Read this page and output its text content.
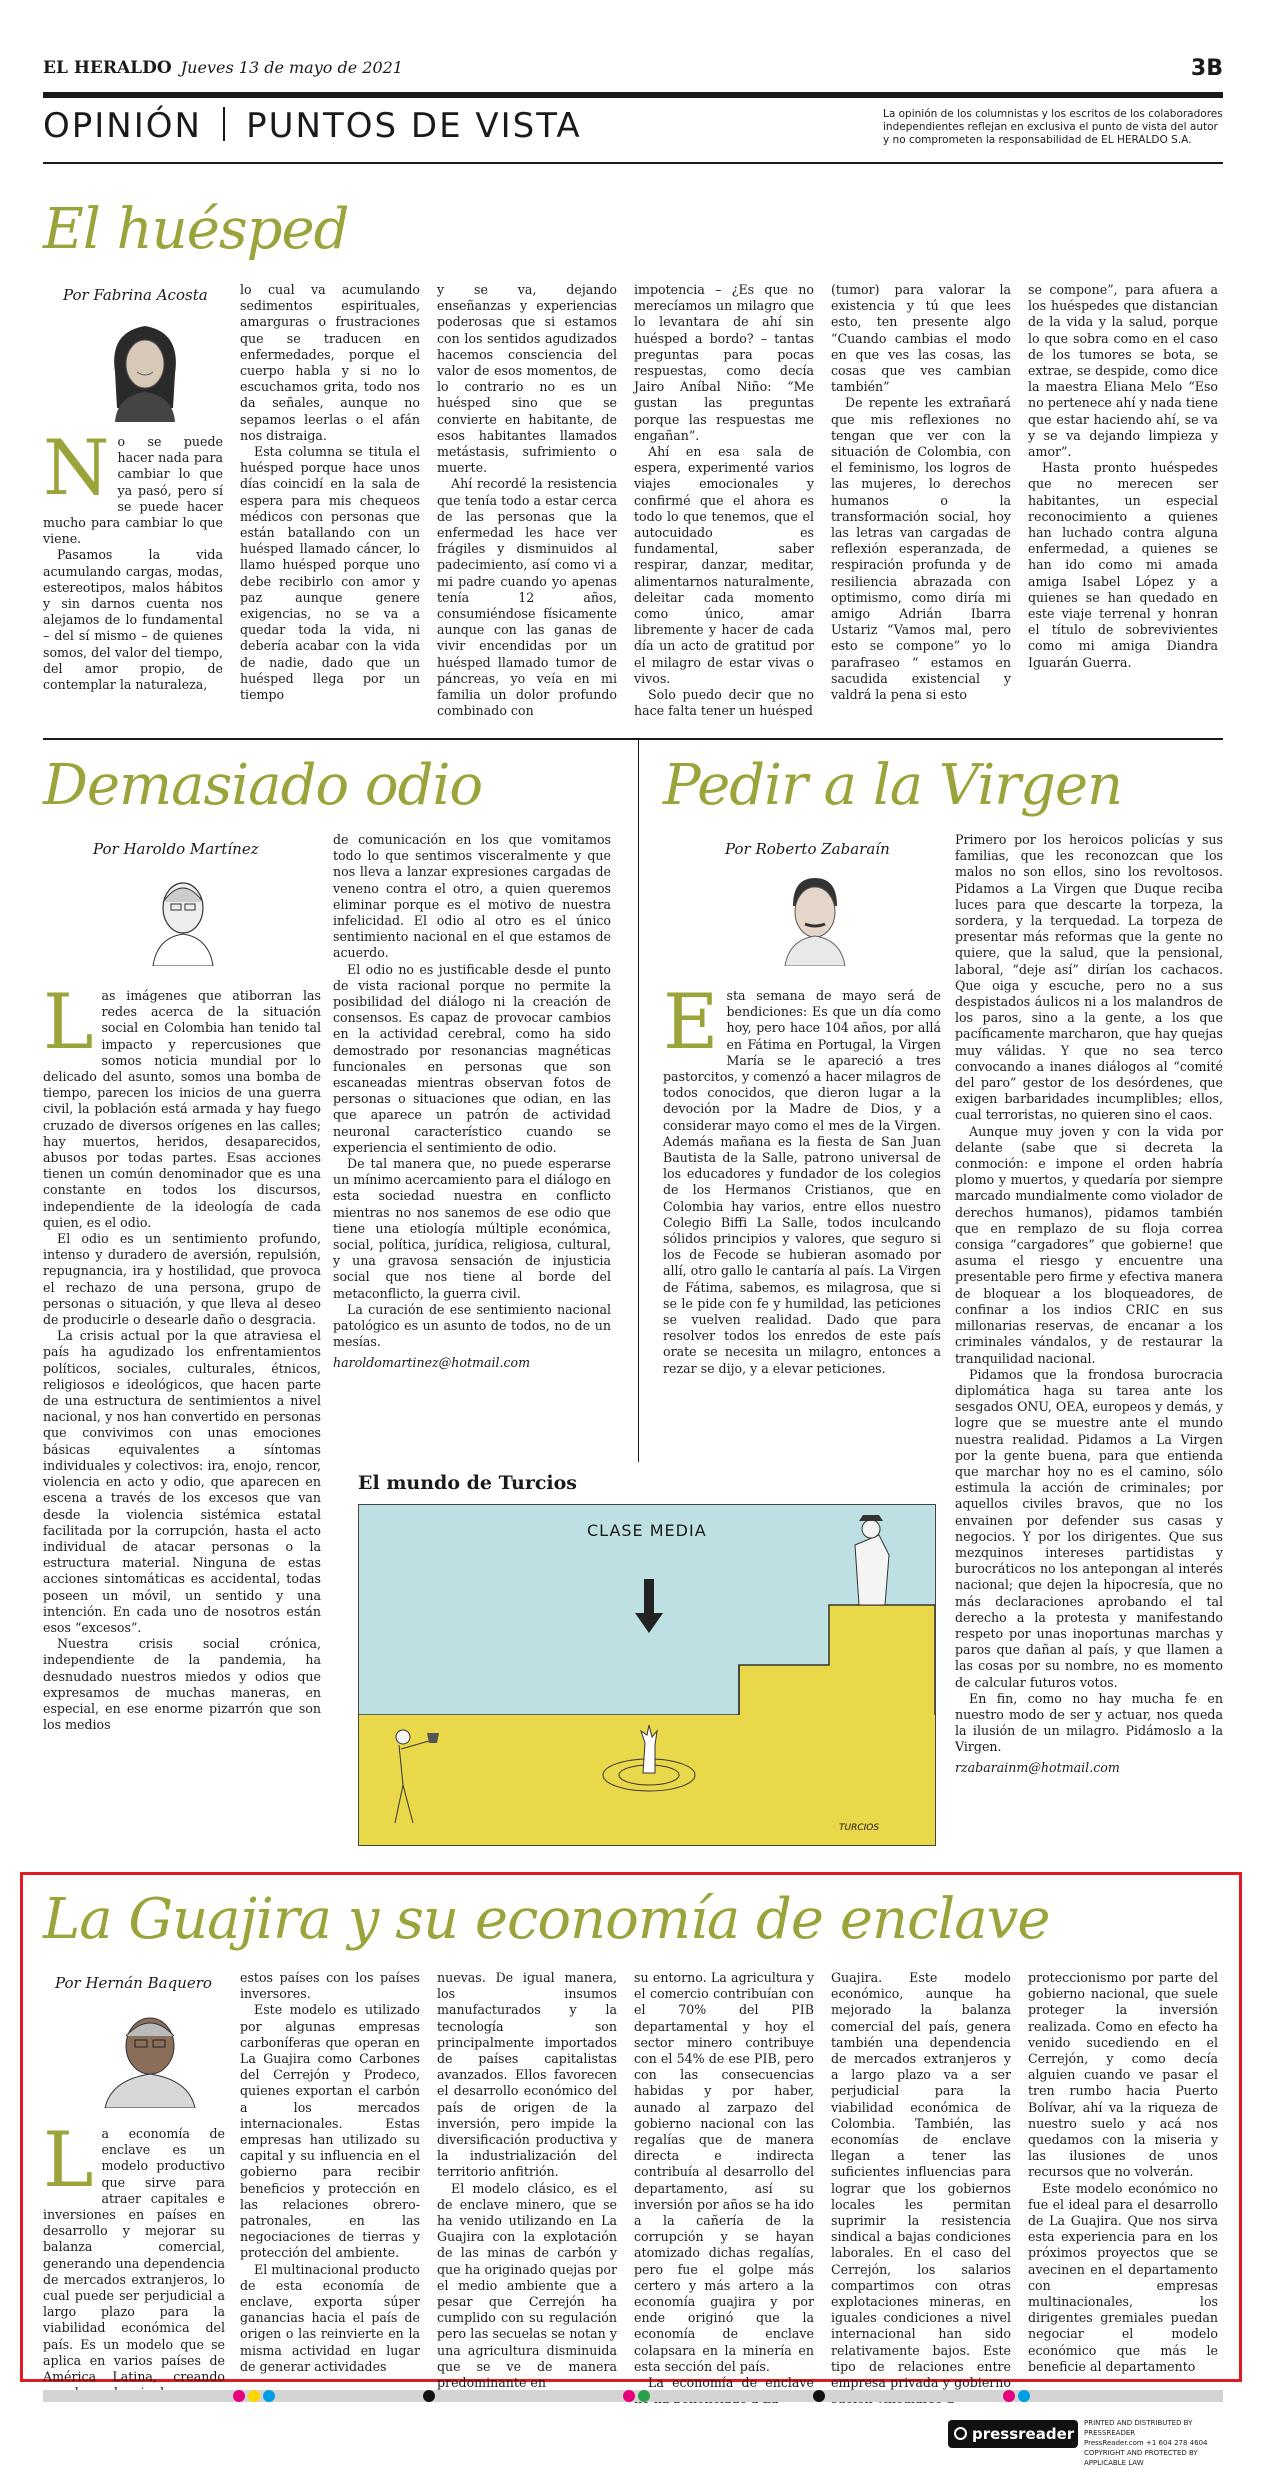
EL HERALDO Jueves 13 de mayo de 2021	3B
OPINIÓN PUNTOS DE VISTA	La opinión de los columnistas y los escritos de los colaboradores independientes reflejan en exclusiva el punto de vista del autor y no comprometen la responsabilidad de EL HERALDO S.A.
El huésped
Por Fabrina Acosta
N o se puede hacer nada para cambiar lo que ya pasó, pero sí se puede hacer mucho para cambiar lo que viene.

Pasamos la vida acumulando cargas, modas, estereotipos, malos hábitos y sin darnos cuenta nos alejamos de lo fundamental – del sí mismo – de quienes somos, del valor del tiempo, del amor propio, de contemplar la naturaleza,

lo cual va acumulando sedimentos espirituales, amarguras o frustraciones que se traducen en enfermedades, porque el cuerpo habla y si no lo escuchamos grita, todo nos da señales, aunque no sepamos leerlas o el afán nos distraiga.

Esta columna se titula el huésped porque hace unos días coincidí en la sala de espera para mis chequeos médicos con personas que están batallando con un huésped llamado cáncer, lo llamo huésped porque uno debe recibirlo con amor y paz aunque genere exigencias, no se va a quedar toda la vida, ni debería acabar con la vida de nadie, dado que un huésped llega por un tiempo

y se va, dejando enseñanzas y experiencias poderosas que si estamos con los sentidos agudizados hacemos consciencia del valor de esos momentos, de lo contrario no es un huésped sino que se convierte en habitante, de esos habitantes llamados metástasis, sufrimiento o muerte.

Ahí recordé la resistencia que tenía todo a estar cerca de las personas que la enfermedad les hace ver frágiles y disminuidos al padecimiento, así como vi a mi padre cuando yo apenas tenía 12 años, consumiéndose físicamente aunque con las ganas de vivir encendidas por un huésped llamado tumor de páncreas, yo veía en mi familia un dolor profundo combinado con

impotencia – ¿Es que no merecíamos un milagro que lo levantara de ahí sin huésped a bordo? – tantas preguntas para pocas respuestas, como decía Jairo Aníbal Niño: “Me gustan las preguntas porque las respuestas me engañan”.

Ahí en esa sala de espera, experimenté varios viajes emocionales y confirmé que el ahora es todo lo que tenemos, que el autocuidado es fundamental, saber respirar, danzar, meditar, alimentarnos naturalmente, deleitar cada momento como único, amar libremente y hacer de cada día un acto de gratitud por el milagro de estar vivas o vivos.

Solo puedo decir que no hace falta tener un huésped

(tumor) para valorar la existencia y tú que lees esto, ten presente algo “Cuando cambias el modo en que ves las cosas, las cosas que ves cambian también”

De repente les extrañará que mis reflexiones no tengan que ver con la situación de Colombia, con el feminismo, los logros de las mujeres, lo derechos humanos o la transformación social, hoy las letras van cargadas de reflexión esperanzada, de respiración profunda y de resiliencia abrazada con optimismo, como diría mi amigo Adrián Ibarra Ustariz “Vamos mal, pero esto se compone” yo lo parafraseo “ estamos en sacudida existencial y valdrá la pena si esto

se compone”, para afuera a los huéspedes que distancian de la vida y la salud, porque lo que sobra como en el caso de los tumores se bota, se extrae, se despide, como dice la maestra Eliana Melo “Eso no pertenece ahí y nada tiene que estar haciendo ahí, se va y se va dejando limpieza y amor”.

Hasta pronto huéspedes que no merecen ser habitantes, un especial reconocimiento a quienes han luchado contra alguna enfermedad, a quienes se han ido como mi amada amiga Isabel López y a quienes se han quedado en este viaje terrenal y honran el título de sobrevivientes como mi amiga Diandra Iguarán Guerra.

Demasiado odio
Por Haroldo Martínez
L as imágenes que atiborran las redes acerca de la situación social en Colombia han tenido tal impacto y repercusiones que somos noticia mundial por lo delicado del asunto, somos una bomba de tiempo, parecen los inicios de una guerra civil, la población está armada y hay fuego cruzado de diversos orígenes en las calles; hay muertos, heridos, desaparecidos, abusos por todas partes. Esas acciones tienen un común denominador que es una constante en todos los discursos, independiente de la ideología de cada quien, es el odio.

El odio es un sentimiento profundo, intenso y duradero de aversión, repulsión, repugnancia, ira y hostilidad, que provoca el rechazo de una persona, grupo de personas o situación, y que lleva al deseo de producirle o desearle daño o desgracia.

La crisis actual por la que atraviesa el país ha agudizado los enfrentamientos políticos, sociales, culturales, étnicos, religiosos e ideológicos, que hacen parte de una estructura de sentimientos a nivel nacional, y nos han convertido en personas que convivimos con unas emociones básicas equivalentes a síntomas individuales y colectivos: ira, enojo, rencor, violencia en acto y odio, que aparecen en escena a través de los excesos que van desde la violencia sistémica estatal facilitada por la corrupción, hasta el acto individual de atacar personas o la estructura material. Ninguna de estas acciones sintomáticas es accidental, todas poseen un móvil, un sentido y una intención. En cada uno de nosotros están esos “excesos”.

Nuestra crisis social crónica, independiente de la pandemia, ha desnudado nuestros miedos y odios que expresamos de muchas maneras, en especial, en ese enorme pizarrón que son los medios

de comunicación en los que vomitamos todo lo que sentimos visceralmente y que nos lleva a lanzar expresiones cargadas de veneno contra el otro, a quien queremos eliminar porque es el motivo de nuestra infelicidad. El odio al otro es el único sentimiento nacional en el que estamos de acuerdo.

El odio no es justificable desde el punto de vista racional porque no permite la posibilidad del diálogo ni la creación de consensos. Es capaz de provocar cambios en la actividad cerebral, como ha sido demostrado por resonancias magnéticas funcionales en personas que son escaneadas mientras observan fotos de personas o situaciones que odian, en las que aparece un patrón de actividad neuronal característico cuando se experiencia el sentimiento de odio.

De tal manera que, no puede esperarse un mínimo acercamiento para el diálogo en esta sociedad nuestra en conflicto mientras no nos sanemos de ese odio que tiene una etiología múltiple económica, social, política, jurídica, religiosa, cultural, y una gravosa sensación de injusticia social que nos tiene al borde del metaconflicto, la guerra civil.

La curación de ese sentimiento nacional patológico es un asunto de todos, no de un mesías.

haroldomartinez@hotmail.com
Pedir a la Virgen
Por Roberto Zabaraín
E sta semana de mayo será de bendiciones: Es que un día como hoy, pero hace 104 años, por allá en Fátima en Portugal, la Virgen María se le apareció a tres pastorcitos, y comenzó a hacer milagros de todos conocidos, que dieron lugar a la devoción por la Madre de Dios, y a considerar mayo como el mes de la Virgen. Además mañana es la fiesta de San Juan Bautista de la Salle, patrono universal de los educadores y fundador de los colegios de los Hermanos Cristianos, que en Colombia hay varios, entre ellos nuestro Colegio Biffi La Salle, todos inculcando sólidos principios y valores, que seguro si los de Fecode se hubieran asomado por allí, otro gallo le cantaría al país. La Virgen de Fátima, sabemos, es milagrosa, que si se le pide con fe y humildad, las peticiones se vuelven realidad. Dado que para resolver todos los enredos de este país orate se necesita un milagro, entonces a rezar se dijo, y a elevar peticiones.

Primero por los heroicos policías y sus familias, que les reconozcan que los malos no son ellos, sino los revoltosos. Pidamos a La Virgen que Duque reciba luces para que descarte la torpeza, la sordera, y la terquedad. La torpeza de presentar más reformas que la gente no quiere, que la salud, que la pensional, laboral, “deje así” dirían los cachacos. Que oiga y escuche, pero no a sus despistados áulicos ni a los malandros de los paros, sino a la gente, a los que pacíficamente marcharon, que hay quejas muy válidas. Y que no sea terco convocando a inanes diálogos al “comité del paro” gestor de los desórdenes, que exigen barbaridades incumplibles; ellos, cual terroristas, no quieren sino el caos.

Aunque muy joven y con la vida por delante (sabe que si decreta la conmoción: e impone el orden habría plomo y muertos, y quedaría por siempre marcado mundialmente como violador de derechos humanos), pidamos también que en remplazo de su floja correa consiga “cargadores” que gobierne! que asuma el riesgo y encuentre una presentable pero firme y efectiva manera de bloquear a los bloqueadores, de confinar a los indios CRIC en sus millonarias reservas, de encanar a los criminales vándalos, y de restaurar la tranquilidad nacional.

Pidamos que la frondosa burocracia diplomática haga su tarea ante los sesgados ONU, OEA, europeos y demás, y logre que se muestre ante el mundo nuestra realidad. Pidamos a La Virgen por la gente buena, para que entienda que marchar hoy no es el camino, sólo estimula la acción de criminales; por aquellos civiles bravos, que no los envainen por defender sus casas y negocios. Y por los dirigentes. Que sus mezquinos intereses partidistas y burocráticos no los antepongan al interés nacional; que dejen la hipocresía, que no más declaraciones aprobando el tal derecho a la protesta y manifestando respeto por unas inoportunas marchas y paros que dañan al país, y que llamen a las cosas por su nombre, no es momento de calcular futuros votos.

En fin, como no hay mucha fe en nuestro modo de ser y actuar, nos queda la ilusión de un milagro. Pidámoslo a la Virgen.

rzabarainm@hotmail.com
El mundo de Turcios
CLASE MEDIA
TURCIOS
La Guajira y su economía de enclave
Por Hernán Baquero
L a economía de enclave es un modelo productivo que sirve para atraer capitales e inversiones en países en desarrollo y mejorar su balanza comercial, generando una dependencia de mercados extranjeros, lo cual puede ser perjudicial a largo plazo para la viabilidad económica del país. Es un modelo que se aplica en varios países de América Latina, creando

estos países con los países inversores.

Este modelo es utilizado por algunas empresas carboníferas que operan en La Guajira como Carbones del Cerrejón y Prodeco, quienes exportan el carbón a los mercados internacionales. Estas empresas han utilizado su capital y su influencia en el gobierno para recibir beneficios y protección en las relaciones obrero-patronales, en las negociaciones de tierras y protección del ambiente.

El multinacional producto de esta economía de enclave, exporta súper ganancias hacia el país de origen o las reinvierte en la misma actividad en lugar de generar actividades

nuevas. De igual manera, los insumos manufacturados y la tecnología son principalmente importados de países capitalistas avanzados. Ellos favorecen el desarrollo económico del país de origen de la inversión, pero impide la diversificación productiva y la industrialización del territorio anfitrión.

El modelo clásico, es el de enclave minero, que se ha venido utilizando en La Guajira con la explotación de las minas de carbón y que ha originado quejas por el medio ambiente que a pesar que Cerrejón ha cumplido con su regulación pero las secuelas se notan y una agricultura disminuida que se ve de manera predominante en

su entorno. La agricultura y el comercio contribuían con el 70% del PIB departamental y hoy el sector minero contribuye con el 54% de ese PIB, pero con las consecuencias habidas y por haber, aunado al zarpazo del gobierno nacional con las regalías que de manera directa e indirecta contribuía al desarrollo del departamento, así su inversión por años se ha ido a la cañería de la corrupción y se hayan atomizado dichas regalías, pero fue el golpe más certero y más artero a la economía guajira y por ende originó que la economía de enclave colapsara en la minería en esta sección del país.

La economía de enclave

Guajira. Este modelo económico, aunque ha mejorado la balanza comercial del país, genera también una dependencia de mercados extranjeros y a largo plazo va a ser perjudicial para la viabilidad económica de Colombia. También, las economías de enclave llegan a tener las suficientes influencias para lograr que los gobiernos locales les permitan suprimir la resistencia sindical a bajas condiciones laborales. En el caso del Cerrejón, los salarios compartimos con otras explotaciones mineras, en iguales condiciones a nivel internacional han sido relativamente bajos. Este tipo de relaciones entre empresa privada y gobierno

proteccionismo por parte del gobierno nacional, que suele proteger la inversión realizada. Como en efecto ha venido sucediendo en el Cerrejón, y como decía alguien cuando ve pasar el tren rumbo hacia Puerto Bolívar, ahí va la riqueza de nuestro suelo y acá nos quedamos con la miseria y las ilusiones de unos recursos que no volverán.

Este modelo económico no fue el ideal para el desarrollo de La Guajira. Que nos sirva esta experiencia para en los próximos proyectos que se avecinen en el departamento con empresas multinacionales, los dirigentes gremiales puedan negociar el modelo económico que más le beneficie al departamento

pressreader
PRINTED AND DISTRIBUTED BY PRESSREADER
PressReader.com +1 604 278 4604
COPYRIGHT AND PROTECTED BY APPLICABLE LAW
